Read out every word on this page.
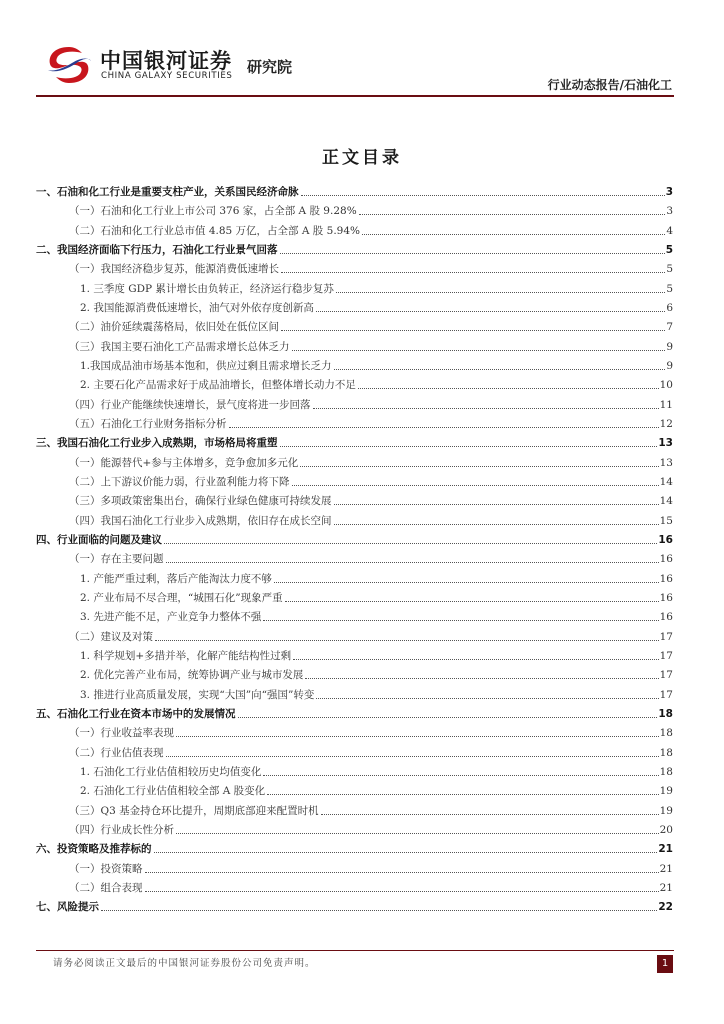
中国银河证券
CHINA GALAXY SECURITIES 研究院
行业动态报告/石油化工
正文目录
一、石油和化工行业是重要支柱产业，关系国民经济命脉	3
（一）石油和化工行业上市公司 376 家，占全部 A 股 9.28%	3
（二）石油和化工行业总市值 4.85 万亿，占全部 A 股 5.94%	4
二、我国经济面临下行压力，石油化工行业景气回落	5
（一）我国经济稳步复苏，能源消费低速增长	5
1. 三季度 GDP 累计增长由负转正，经济运行稳步复苏	5
2. 我国能源消费低速增长，油气对外依存度创新高	6
（二）油价延续震荡格局，依旧处在低位区间	7
（三）我国主要石油化工产品需求增长总体乏力	9
1.我国成品油市场基本饱和，供应过剩且需求增长乏力	9
2. 主要石化产品需求好于成品油增长，但整体增长动力不足	10
（四）行业产能继续快速增长，景气度将进一步回落	11
（五）石油化工行业财务指标分析	12
三、我国石油化工行业步入成熟期，市场格局将重塑	13
（一）能源替代+参与主体增多，竞争愈加多元化	13
（二）上下游议价能力弱，行业盈利能力将下降	14
（三）多项政策密集出台，确保行业绿色健康可持续发展	14
（四）我国石油化工行业步入成熟期，依旧存在成长空间	15
四、行业面临的问题及建议	16
（一）存在主要问题	16
1. 产能严重过剩，落后产能淘汰力度不够	16
2. 产业布局不尽合理，“城围石化”现象严重	16
3. 先进产能不足，产业竞争力整体不强	16
（二）建议及对策	17
1. 科学规划+多措并举，化解产能结构性过剩	17
2. 优化完善产业布局，统筹协调产业与城市发展	17
3. 推进行业高质量发展，实现“大国”向“强国”转变	17
五、石油化工行业在资本市场中的发展情况	18
（一）行业收益率表现	18
（二）行业估值表现	18
1. 石油化工行业估值相较历史均值变化	18
2. 石油化工行业估值相较全部 A 股变化	19
（三）Q3 基金持仓环比提升，周期底部迎来配置时机	19
（四）行业成长性分析	20
六、投资策略及推荐标的	21
（一）投资策略	21
（二）组合表现	21
七、风险提示	22
请务必阅读正文最后的中国银河证券股份公司免责声明。	1
